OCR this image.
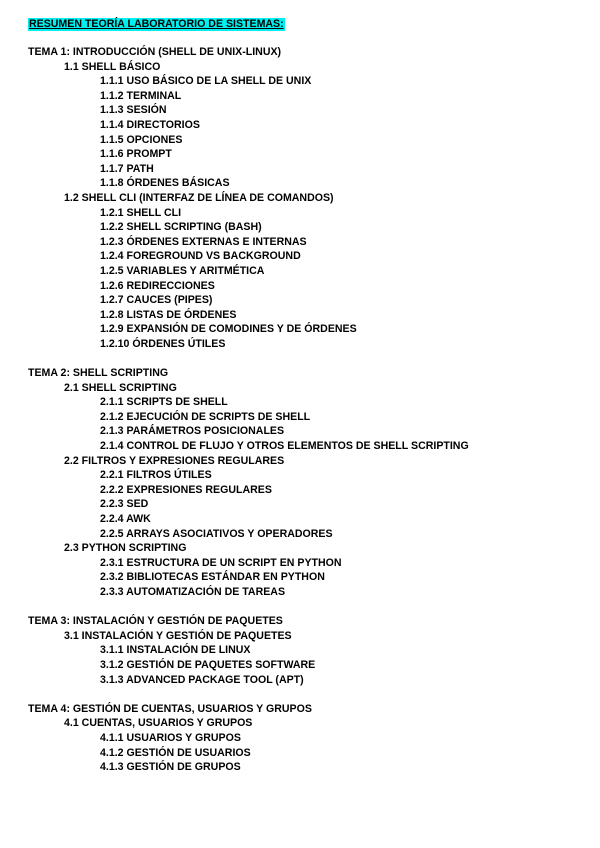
RESUMEN TEORÍA LABORATORIO DE SISTEMAS:
TEMA 1: INTRODUCCIÓN (SHELL DE UNIX-LINUX)
1.1 SHELL BÁSICO
1.1.1 USO BÁSICO DE LA SHELL DE UNIX
1.1.2 TERMINAL
1.1.3 SESIÓN
1.1.4 DIRECTORIOS
1.1.5 OPCIONES
1.1.6 PROMPT
1.1.7 PATH
1.1.8 ÓRDENES BÁSICAS
1.2 SHELL CLI (INTERFAZ DE LÍNEA DE COMANDOS)
1.2.1 SHELL CLI
1.2.2 SHELL SCRIPTING (BASH)
1.2.3 ÓRDENES EXTERNAS E INTERNAS
1.2.4 FOREGROUND VS BACKGROUND
1.2.5 VARIABLES Y ARITMÉTICA
1.2.6 REDIRECCIONES
1.2.7 CAUCES (PIPES)
1.2.8 LISTAS DE ÓRDENES
1.2.9 EXPANSIÓN DE COMODINES Y DE ÓRDENES
1.2.10 ÓRDENES ÚTILES
TEMA 2: SHELL SCRIPTING
2.1 SHELL SCRIPTING
2.1.1 SCRIPTS DE SHELL
2.1.2 EJECUCIÓN DE SCRIPTS DE SHELL
2.1.3 PARÁMETROS POSICIONALES
2.1.4 CONTROL DE FLUJO Y OTROS ELEMENTOS DE SHELL SCRIPTING
2.2 FILTROS Y EXPRESIONES REGULARES
2.2.1 FILTROS ÚTILES
2.2.2 EXPRESIONES REGULARES
2.2.3 SED
2.2.4 AWK
2.2.5 ARRAYS ASOCIATIVOS Y OPERADORES
2.3 PYTHON SCRIPTING
2.3.1 ESTRUCTURA DE UN SCRIPT EN PYTHON
2.3.2 BIBLIOTECAS ESTÁNDAR EN PYTHON
2.3.3 AUTOMATIZACIÓN DE TAREAS
TEMA 3: INSTALACIÓN Y GESTIÓN DE PAQUETES
3.1 INSTALACIÓN Y GESTIÓN DE PAQUETES
3.1.1 INSTALACIÓN DE LINUX
3.1.2 GESTIÓN DE PAQUETES SOFTWARE
3.1.3 ADVANCED PACKAGE TOOL (APT)
TEMA 4: GESTIÓN DE CUENTAS, USUARIOS Y GRUPOS
4.1 CUENTAS, USUARIOS Y GRUPOS
4.1.1 USUARIOS Y GRUPOS
4.1.2 GESTIÓN DE USUARIOS
4.1.3 GESTIÓN DE GRUPOS
